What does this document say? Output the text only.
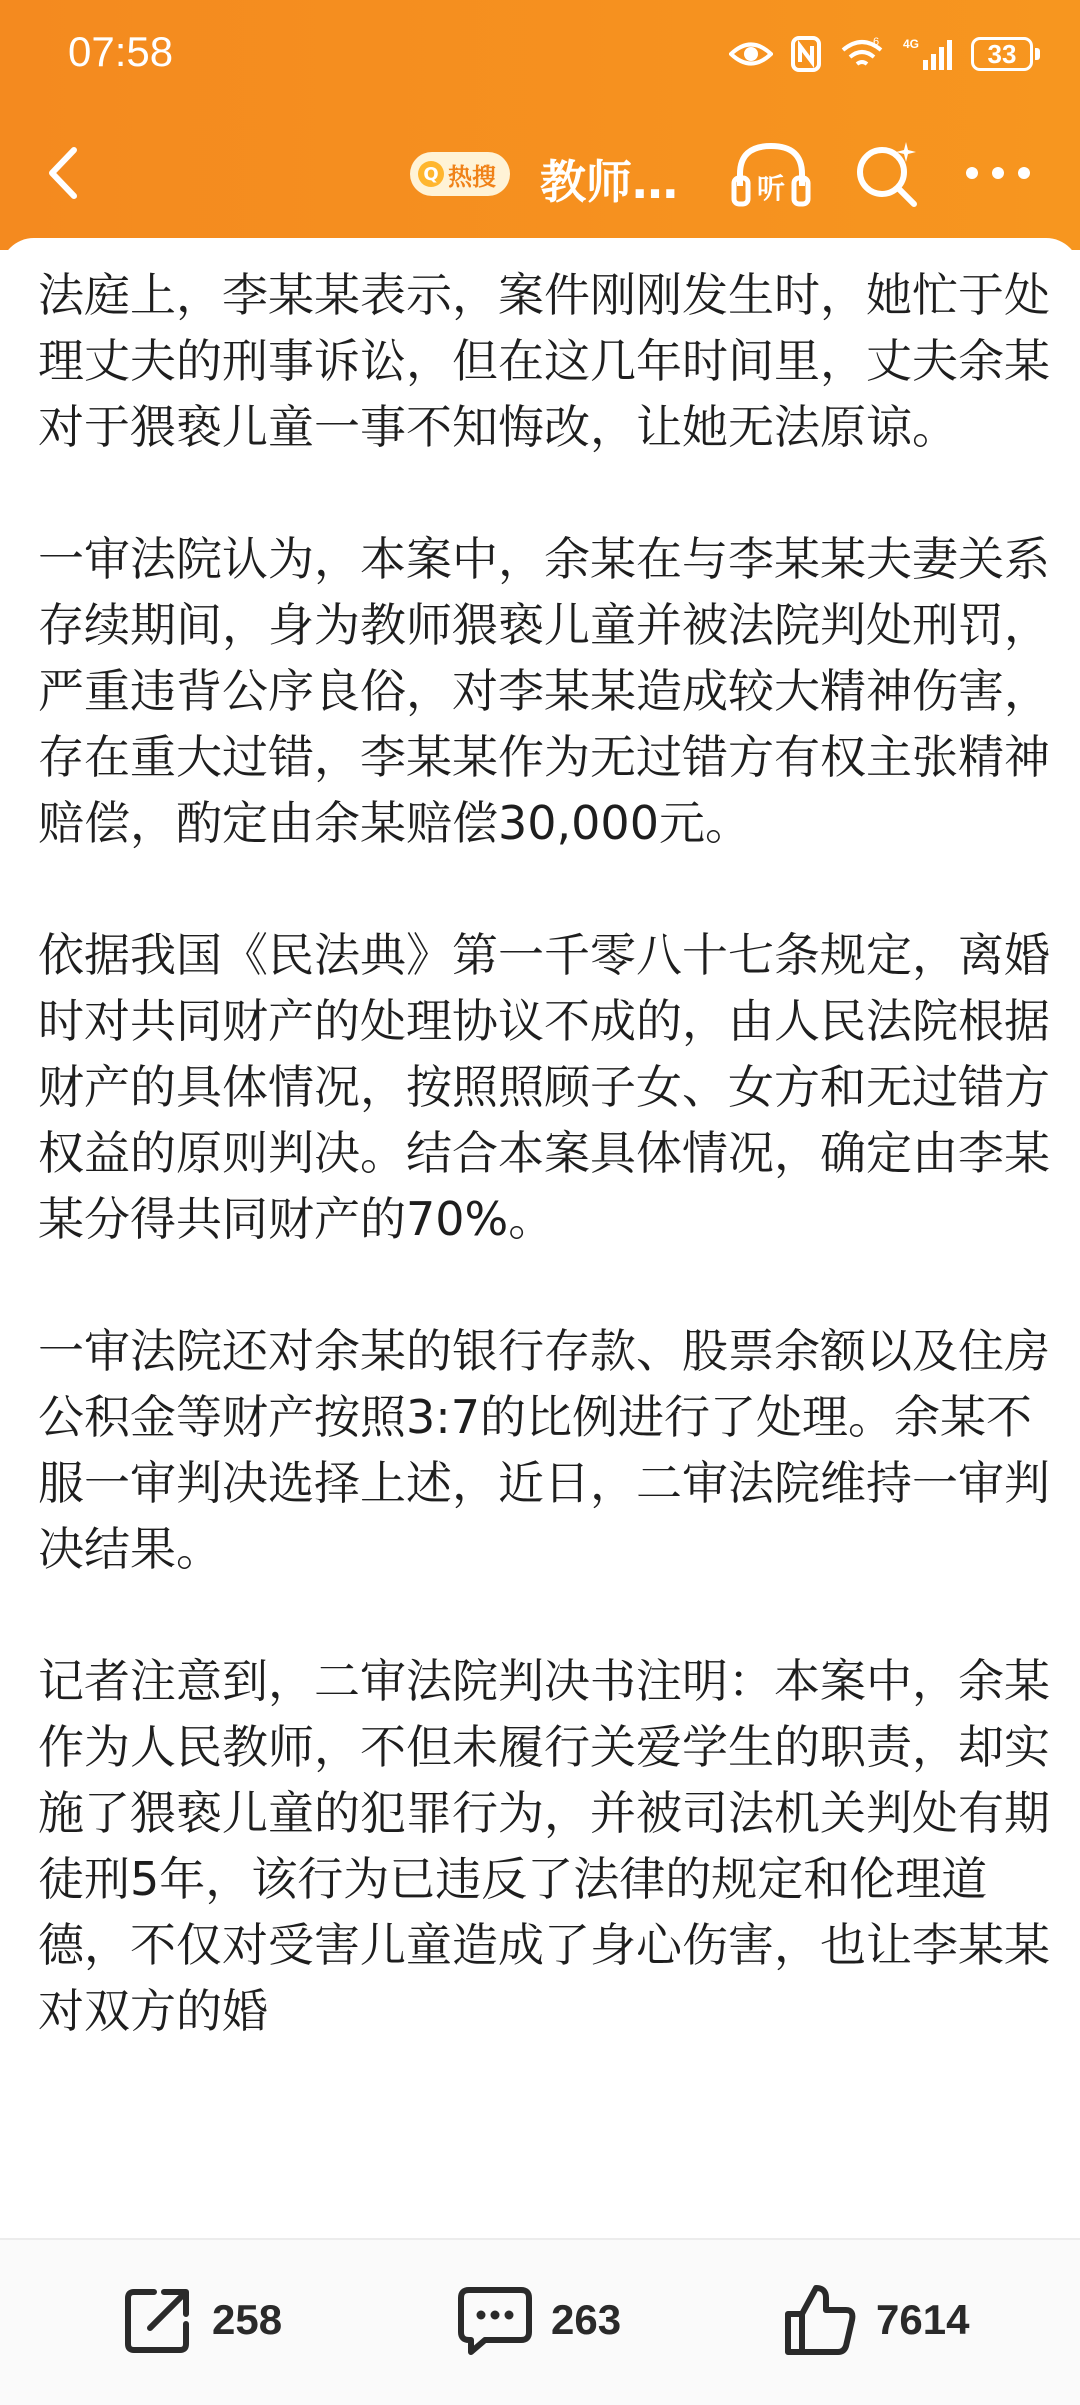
07:58	6 4G	33
Q 热搜 教师…	听

法庭上，李某某表示，案件刚刚发生时，她忙于处理丈夫的刑事诉讼，但在这几年时间里，丈夫余某对于猥亵儿童一事不知悔改，让她无法原谅。

一审法院认为，本案中，余某在与李某某夫妻关系存续期间，身为教师猥亵儿童并被法院判处刑罚，严重违背公序良俗，对李某某造成较大精神伤害，存在重大过错，李某某作为无过错方有权主张精神赔偿，酌定由余某赔偿30,000元。

依据我国《民法典》第一千零八十七条规定，离婚时对共同财产的处理协议不成的，由人民法院根据财产的具体情况，按照照顾子女、女方和无过错方权益的原则判决。结合本案具体情况，确定由李某某分得共同财产的70%。

一审法院还对余某的银行存款、股票余额以及住房公积金等财产按照3:7的比例进行了处理。余某不服一审判决选择上述，近日，二审法院维持一审判决结果。

记者注意到，二审法院判决书注明：本案中，余某作为人民教师，不但未履行关爱学生的职责，却实施了猥亵儿童的犯罪行为，并被司法机关判处有期徒刑5年，该行为已违反了法律的规定和伦理道德，不仅对受害儿童造成了身心伤害，也让李某某对双方的婚

258	263	7614
